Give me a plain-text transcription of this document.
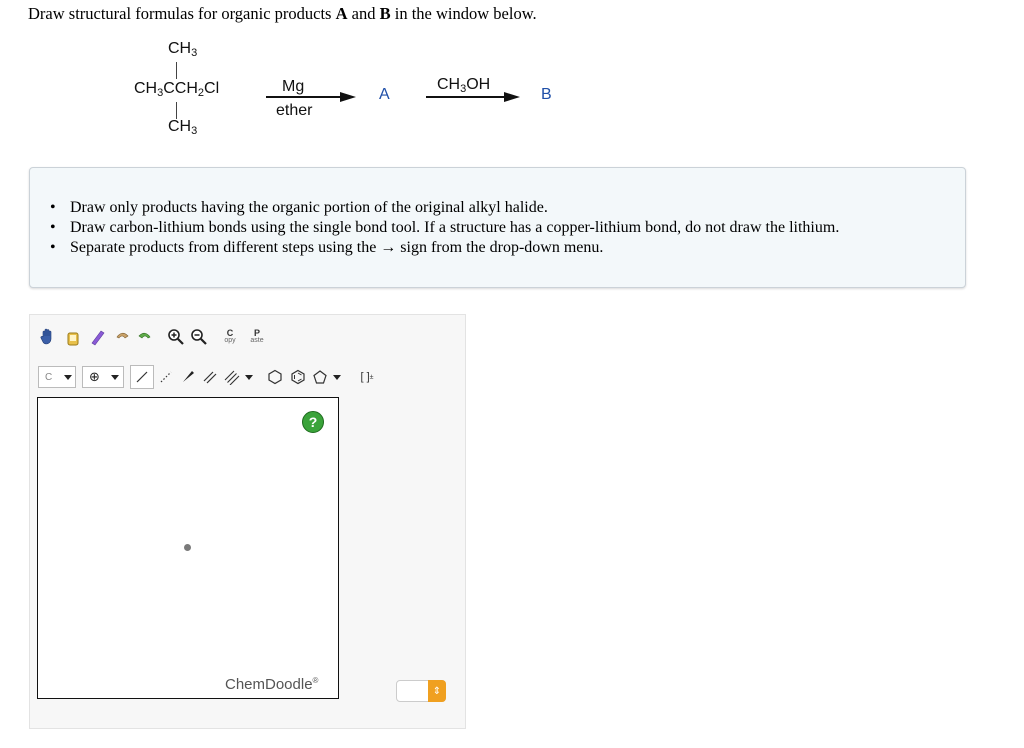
Draw structural formulas for organic products A and B in the window below.
$CH_3$
$CH_3CCH_2Cl$
$CH_3$
Mg
ether
A
$CH_3OH$
B
• Draw only products having the organic portion of the original alkyl halide.
• Draw carbon-lithium bonds using the single bond tool. If a structure has a copper-lithium bond, do not draw the lithium.
• Separate products from different steps using the → sign from the drop-down menu.
C
opy
P
aste
C	⊕	[ ] ±
?
ChemDoodle®
⇕
